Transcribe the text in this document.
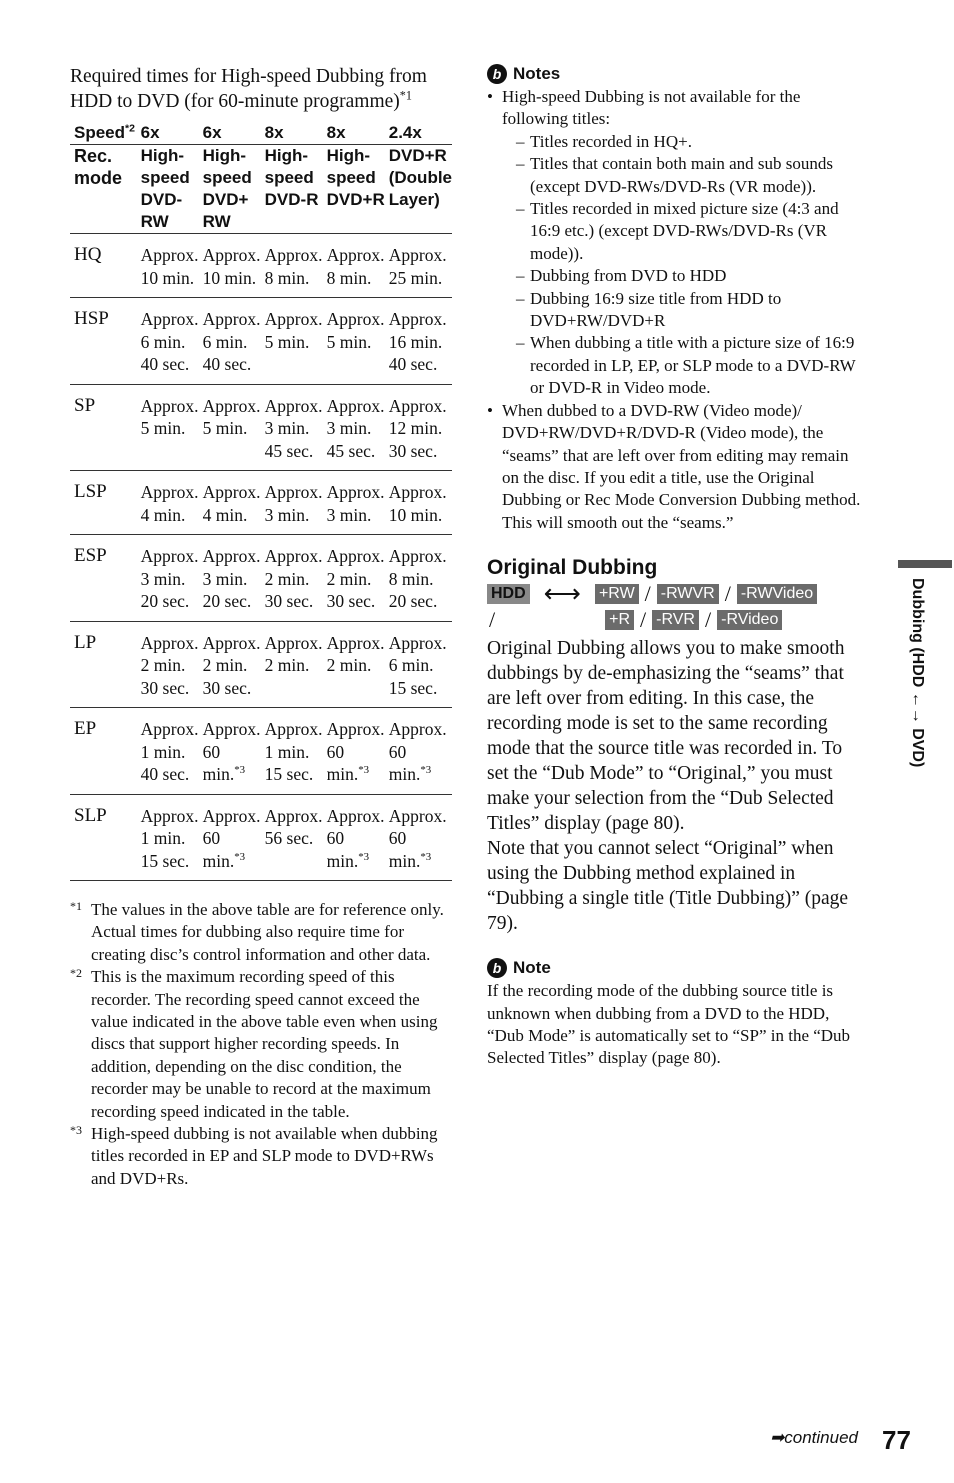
Required times for High-speed Dubbing from HDD to DVD (for 60-minute programme)$^{*1}$

Speed$^{*2}$	6x	6x	8x	8x	2.4x
Rec. mode	High-speed DVD-RW	High-speed DVD+ RW	High-speed DVD-R	High-speed DVD+R	DVD+R (Double Layer)
HQ	Approx. 10 min.	Approx. 10 min.	Approx. 8 min.	Approx. 8 min.	Approx. 25 min.
HSP	Approx. 6 min. 40 sec.	Approx. 6 min. 40 sec.	Approx. 5 min.	Approx. 5 min.	Approx. 16 min. 40 sec.
SP	Approx. 5 min.	Approx. 5 min.	Approx. 3 min. 45 sec.	Approx. 3 min. 45 sec.	Approx. 12 min. 30 sec.
LSP	Approx. 4 min.	Approx. 4 min.	Approx. 3 min.	Approx. 3 min.	Approx. 10 min.
ESP	Approx. 3 min. 20 sec.	Approx. 3 min. 20 sec.	Approx. 2 min. 30 sec.	Approx. 2 min. 30 sec.	Approx. 8 min. 20 sec.
LP	Approx. 2 min. 30 sec.	Approx. 2 min. 30 sec.	Approx. 2 min.	Approx. 2 min.	Approx. 6 min. 15 sec.
EP	Approx. 1 min. 40 sec.	Approx. 60 min.$^{*3}$	Approx. 1 min. 15 sec.	Approx. 60 min.$^{*3}$	Approx. 60 min.$^{*3}$
SLP	Approx. 1 min. 15 sec.	Approx. 60 min.$^{*3}$	Approx. 56 sec.	Approx. 60 min.$^{*3}$	Approx. 60 min.$^{*3}$
*1 The values in the above table are for reference only. Actual times for dubbing also require time for creating disc’s control information and other data.
*2 This is the maximum recording speed of this recorder. The recording speed cannot exceed the value indicated in the above table even when using discs that support higher recording speeds. In addition, depending on the disc condition, the recorder may be unable to record at the maximum recording speed indicated in the table.
*3 High-speed dubbing is not available when dubbing titles recorded in EP and SLP mode to DVD+RWs and DVD+Rs.
b Notes
• High-speed Dubbing is not available for the following titles:
– Titles recorded in HQ+.
– Titles that contain both main and sub sounds (except DVD-RWs/DVD-Rs (VR mode)).
– Titles recorded in mixed picture size (4:3 and 16:9 etc.) (except DVD-RWs/DVD-Rs (VR mode)).
– Dubbing from DVD to HDD
– Dubbing 16:9 size title from HDD to DVD+RW/DVD+R
– When dubbing a title with a picture size of 16:9 recorded in LP, EP, or SLP mode to a DVD-RW or DVD-R in Video mode.
• When dubbed to a DVD-RW (Video mode)/ DVD+RW/DVD+R/DVD-R (Video mode), the “seams” that are left over from editing may remain on the disc. If you edit a title, use the Original Dubbing or Rec Mode Conversion Dubbing method. This will smooth out the “seams.”
Original Dubbing
HDD ⟷ +RW / -RWVR / -RWVideo
/	+R / -RVR / -RVideo

Original Dubbing allows you to make smooth dubbings by de-emphasizing the “seams” that are left over from editing. In this case, the recording mode is set to the same recording mode that the source title was recorded in. To set the “Dub Mode” to “Original,” you must make your selection from the “Dub Selected Titles” display (page 80).

Note that you cannot select “Original” when using the Dubbing method explained in “Dubbing a single title (Title Dubbing)” (page 79).

b Note

If the recording mode of the dubbing source title is unknown when dubbing from a DVD to the HDD, “Dub Mode” is automatically set to “SP” in the “Dub Selected Titles” display (page 80).

Dubbing (HDD ←→ DVD)
➡continued 77
